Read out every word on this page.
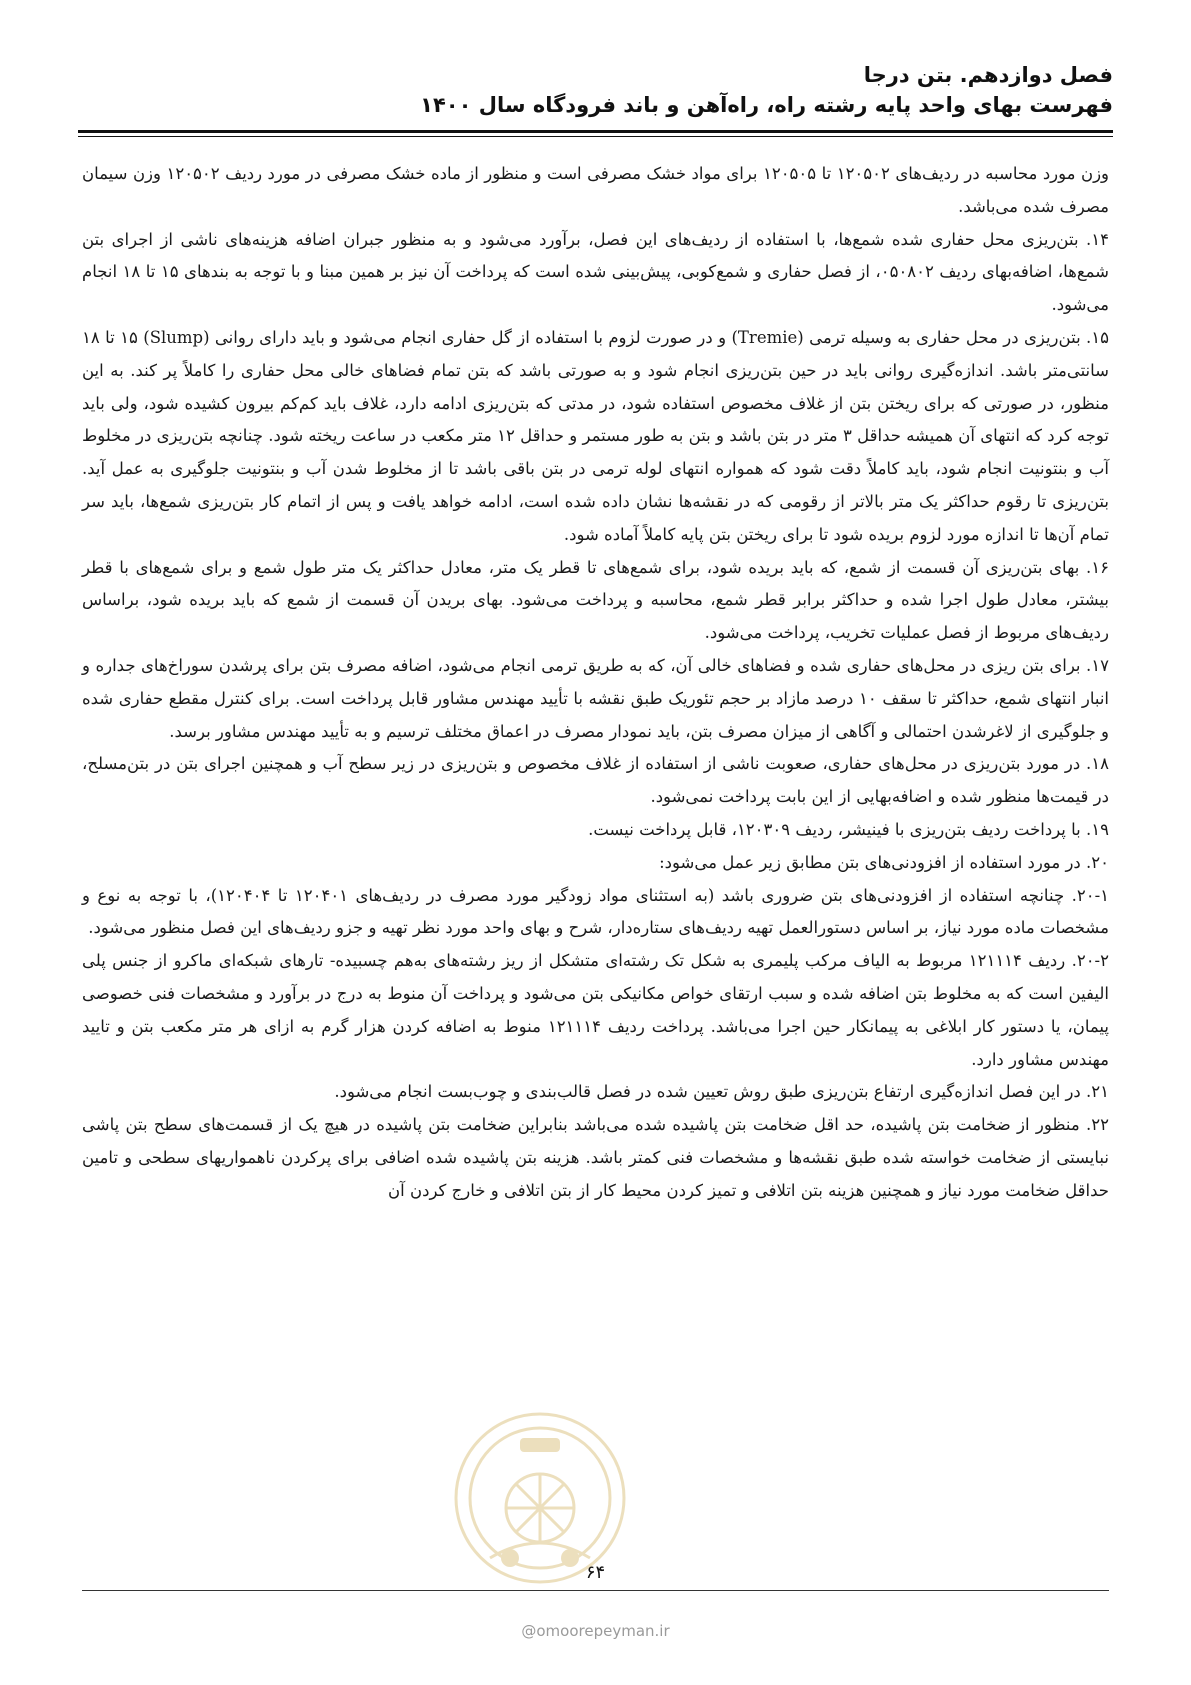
فصل دوازدهم. بتن درجا
فهرست بهای واحد پایه رشته راه، راه‌آهن و باند فرودگاه سال ۱۴۰۰

وزن مورد محاسبه در ردیف‌های ۱۲۰۵۰۲ تا ۱۲۰۵۰۵ برای مواد خشک مصرفی است و منظور از ماده خشک مصرفی در مورد ردیف ۱۲۰۵۰۲ وزن سیمان مصرف شده می‌باشد.

۱۴. بتن‌ریزی محل حفاری شده شمع‌ها، با استفاده از ردیف‌های این فصل، برآورد می‌شود و به منظور جبران اضافه هزینه‌های ناشی از اجرای بتن شمع‌ها، اضافه‌بهای ردیف ۰۵۰۸۰۲، از فصل حفاری و شمع‌کوبی، پیش‌بینی شده است که پرداخت آن نیز بر همین مبنا و با توجه به بندهای ۱۵ تا ۱۸ انجام می‌شود.

۱۵. بتن‌ریزی در محل حفاری به وسیله ترمی (Tremie) و در صورت لزوم با استفاده از گل حفاری انجام می‌شود و باید دارای روانی (Slump) ۱۵ تا ۱۸ سانتی‌متر باشد. اندازه‌گیری روانی باید در حین بتن‌ریزی انجام شود و به صورتی باشد که بتن تمام فضاهای خالی محل حفاری را کاملاً پر کند. به این منظور، در صورتی که برای ریختن بتن از غلاف مخصوص استفاده شود، در مدتی که بتن‌ریزی ادامه دارد، غلاف باید کم‌کم بیرون کشیده شود، ولی باید توجه کرد که انتهای آن همیشه حداقل ۳ متر در بتن باشد و بتن به طور مستمر و حداقل ۱۲ متر مکعب در ساعت ریخته شود. چنانچه بتن‌ریزی در مخلوط آب و بنتونیت انجام شود، باید کاملاً دقت شود که همواره انتهای لوله ترمی در بتن باقی باشد تا از مخلوط شدن آب و بنتونیت جلوگیری به عمل آید. بتن‌ریزی تا رقوم حداکثر یک متر بالاتر از رقومی که در نقشه‌ها نشان داده شده است، ادامه خواهد یافت و پس از اتمام کار بتن‌ریزی شمع‌ها، باید سر تمام آن‌ها تا اندازه مورد لزوم بریده شود تا برای ریختن بتن پایه کاملاً آماده شود.

۱۶. بهای بتن‌ریزی آن قسمت از شمع، که باید بریده شود، برای شمع‌های تا قطر یک متر، معادل حداکثر یک متر طول شمع و برای شمع‌های با قطر بیشتر، معادل طول اجرا شده و حداکثر برابر قطر شمع، محاسبه و پرداخت می‌شود. بهای بریدن آن قسمت از شمع که باید بریده شود، براساس ردیف‌های مربوط از فصل عملیات تخریب، پرداخت می‌شود.

۱۷. برای بتن ریزی در محل‌های حفاری شده و فضاهای خالی آن، که به طریق ترمی انجام می‌شود، اضافه مصرف بتن برای پرشدن سوراخ‌های جداره و انبار انتهای شمع، حداکثر تا سقف ۱۰ درصد مازاد بر حجم تئوریک طبق نقشه با تأیید مهندس مشاور قابل پرداخت است. برای کنترل مقطع حفاری شده و جلوگیری از لاغرشدن احتمالی و آگاهی از میزان مصرف بتن، باید نمودار مصرف در اعماق مختلف ترسیم و به تأیید مهندس مشاور برسد.

۱۸. در مورد بتن‌ریزی در محل‌های حفاری، صعوبت ناشی از استفاده از غلاف مخصوص و بتن‌ریزی در زیر سطح آب و همچنین اجرای بتن در بتن‌مسلح، در قیمت‌ها منظور شده و اضافه‌بهایی از این بابت پرداخت نمی‌شود.

۱۹. با پرداخت ردیف بتن‌ریزی با فینیشر، ردیف ۱۲۰۳۰۹، قابل پرداخت نیست.

۲۰. در مورد استفاده از افزودنی‌های بتن مطابق زیر عمل می‌شود:

۲۰-۱. چنانچه استفاده از افزودنی‌های بتن ضروری باشد (به استثنای مواد زودگیر مورد مصرف در ردیف‌های ۱۲۰۴۰۱ تا ۱۲۰۴۰۴)، با توجه به نوع و مشخصات ماده مورد نیاز، بر اساس دستورالعمل تهیه ردیف‌های ستاره‌دار، شرح و بهای واحد مورد نظر تهیه و جزو ردیف‌های این فصل منظور می‌شود.

۲۰-۲. ردیف ۱۲۱۱۱۴ مربوط به الیاف مرکب پلیمری به شکل تک رشته‌ای متشکل از ریز رشته‌های به‌هم چسبیده- تارهای شبکه‌ای ماکرو از جنس پلی الیفین است که به مخلوط بتن اضافه شده و سبب ارتقای خواص مکانیکی بتن می‌شود و پرداخت آن منوط به درج در برآورد و مشخصات فنی خصوصی پیمان، یا دستور کار ابلاغی به پیمانکار حین اجرا می‌باشد. پرداخت ردیف ۱۲۱۱۱۴ منوط به اضافه کردن هزار گرم به ازای هر متر مکعب بتن و تایید مهندس مشاور دارد.

۲۱. در این فصل اندازه‌گیری ارتفاع بتن‌ریزی طبق روش تعیین شده در فصل قالب‌بندی و چوب‌بست انجام می‌شود.

۲۲. منظور از ضخامت بتن پاشیده، حد اقل ضخامت بتن پاشیده شده می‌باشد بنابراین ضخامت بتن پاشیده در هیچ یک از قسمت‌های سطح بتن پاشی نبایستی از ضخامت خواسته شده طبق نقشه‌ها و مشخصات فنی کمتر باشد. هزینه بتن پاشیده شده اضافی برای پرکردن ناهمواریهای سطحی و تامین حداقل ضخامت مورد نیاز و همچنین هزینه بتن اتلافی و تمیز کردن محیط کار از بتن اتلافی و خارج کردن آن

۶۴
@omoorepeyman.ir
